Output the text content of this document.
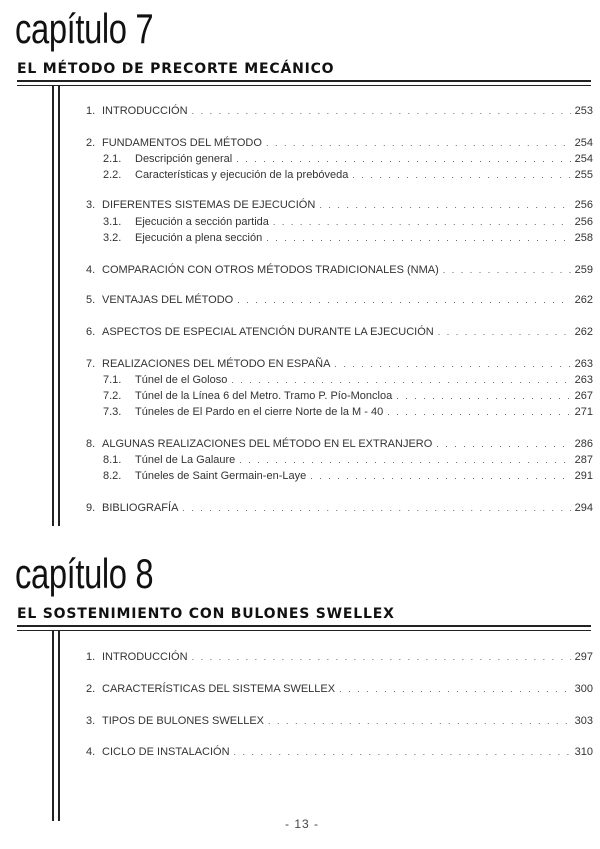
capítulo 7
EL MÉTODO DE PRECORTE MECÁNICO
1. INTRODUCCIÓN . . .	253
2. FUNDAMENTOS DEL MÉTODO . . .	254
2.1.	Descripción general . . .	254
2.2.	Características y ejecución de la prebóveda . . .	255
3. DIFERENTES SISTEMAS DE EJECUCIÓN . . .	256
3.1.	Ejecución a sección partida . . .	256
3.2.	Ejecución a plena sección . . .	258
4. COMPARACIÓN CON OTROS MÉTODOS TRADICIONALES (NMA) . . .	259
5. VENTAJAS DEL MÉTODO . . .	262
6. ASPECTOS DE ESPECIAL ATENCIÓN DURANTE LA EJECUCIÓN . . .	262
7. REALIZACIONES DEL MÉTODO EN ESPAÑA . . .	263
7.1.	Túnel de el Goloso . . .	263
7.2.	Túnel de la Línea 6 del Metro. Tramo P. Pío-Moncloa . . .	267
7.3.	Túneles de El Pardo en el cierre Norte de la M - 40 . . .	271
8. ALGUNAS REALIZACIONES DEL MÉTODO EN EL EXTRANJERO . . .	286
8.1.	Túnel de La Galaure . . .	287
8.2.	Túneles de Saint Germain-en-Laye . . .	291
9. BIBLIOGRAFÍA . . .	294
capítulo 8
EL SOSTENIMIENTO CON BULONES SWELLEX
1. INTRODUCCIÓN . . .	297
2. CARACTERÍSTICAS DEL SISTEMA SWELLEX . . .	300
3. TIPOS DE BULONES SWELLEX . . .	303
4. CICLO DE INSTALACIÓN . . .	310
- 13 -
